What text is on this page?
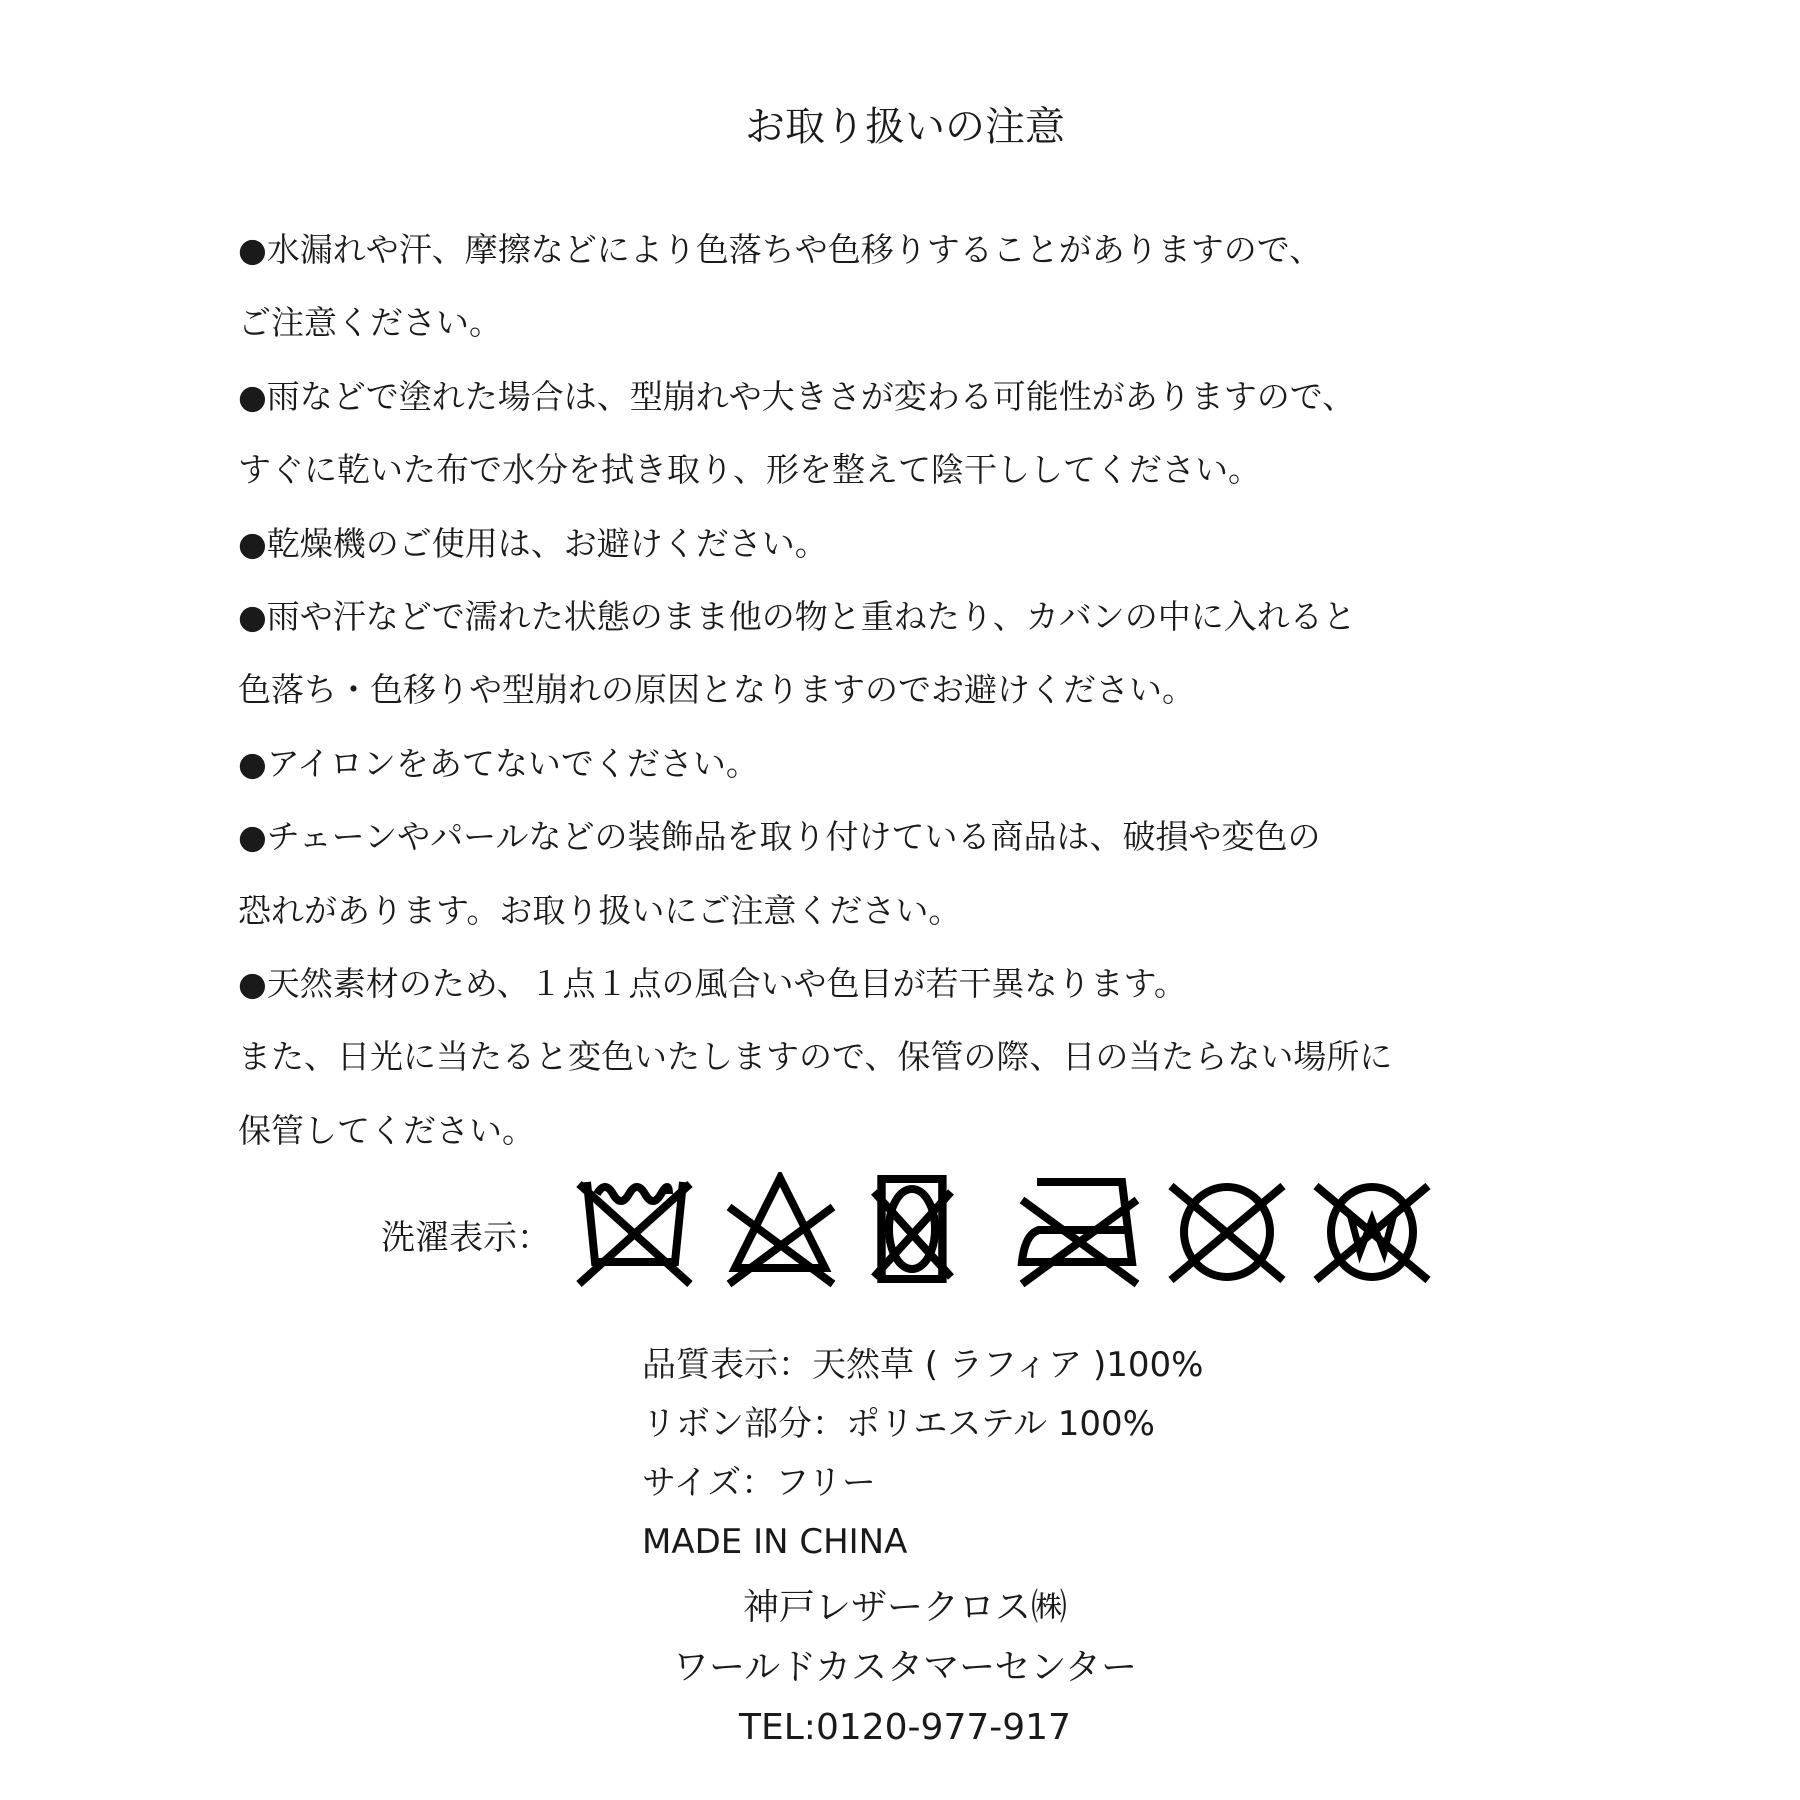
お取り扱いの注意
●水漏れや汗、摩擦などにより色落ちや色移りすることがありますので、
ご注意ください。
●雨などで塗れた場合は、型崩れや大きさが変わる可能性がありますので、
すぐに乾いた布で水分を拭き取り、形を整えて陰干ししてください。
●乾燥機のご使用は、お避けください。
●雨や汗などで濡れた状態のまま他の物と重ねたり、カバンの中に入れると
色落ち・色移りや型崩れの原因となりますのでお避けください。
●アイロンをあてないでください。
●チェーンやパールなどの装飾品を取り付けている商品は、破損や変色の
恐れがあります。お取り扱いにご注意ください。
●天然素材のため、１点１点の風合いや色目が若干異なります。
また、日光に当たると変色いたしますので、保管の際、日の当たらない場所に
保管してください。
洗濯表示：
品質表示：天然草 ( ラフィア )100%
リボン部分：ポリエステル 100%
サイズ：フリー
MADE IN CHINA
神戸レザークロス㈱
ワールドカスタマーセンター
TEL:0120-977-917
